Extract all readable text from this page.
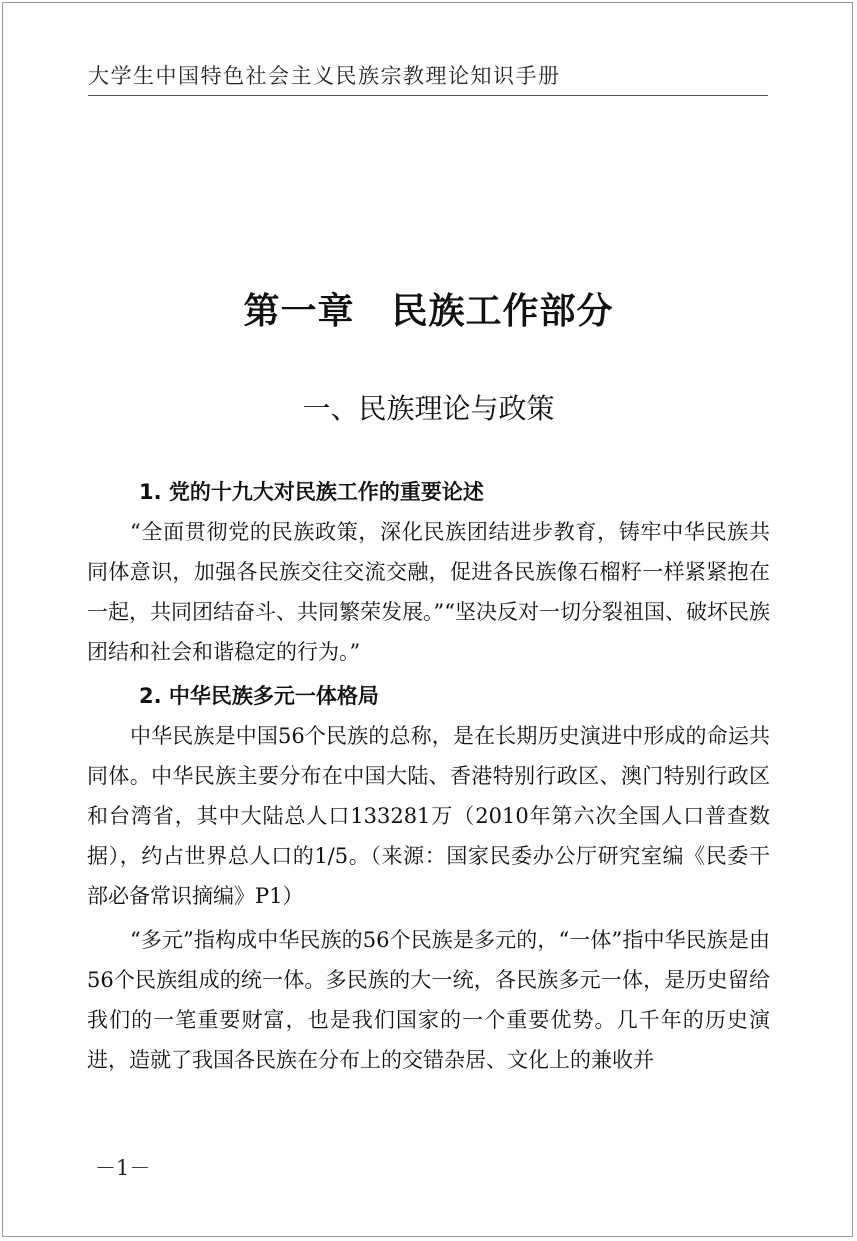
大学生中国特色社会主义民族宗教理论知识手册
第一章　民族工作部分
一、民族理论与政策

1. 党的十九大对民族工作的重要论述

“全面贯彻党的民族政策，深化民族团结进步教育，铸牢中华民族共同体意识，加强各民族交往交流交融，促进各民族像石榴籽一样紧紧抱在一起，共同团结奋斗、共同繁荣发展。”“坚决反对一切分裂祖国、破坏民族团结和社会和谐稳定的行为。”

2. 中华民族多元一体格局

中华民族是中国56个民族的总称，是在长期历史演进中形成的命运共同体。中华民族主要分布在中国大陆、香港特别行政区、澳门特别行政区和台湾省，其中大陆总人口133281万（2010年第六次全国人口普查数据），约占世界总人口的1/5。（来源：国家民委办公厅研究室编《民委干部必备常识摘编》P1）

“多元”指构成中华民族的56个民族是多元的，“一体”指中华民族是由56个民族组成的统一体。多民族的大一统，各民族多元一体，是历史留给我们的一笔重要财富，也是我们国家的一个重要优势。几千年的历史演进，造就了我国各民族在分布上的交错杂居、文化上的兼收并

－1－
